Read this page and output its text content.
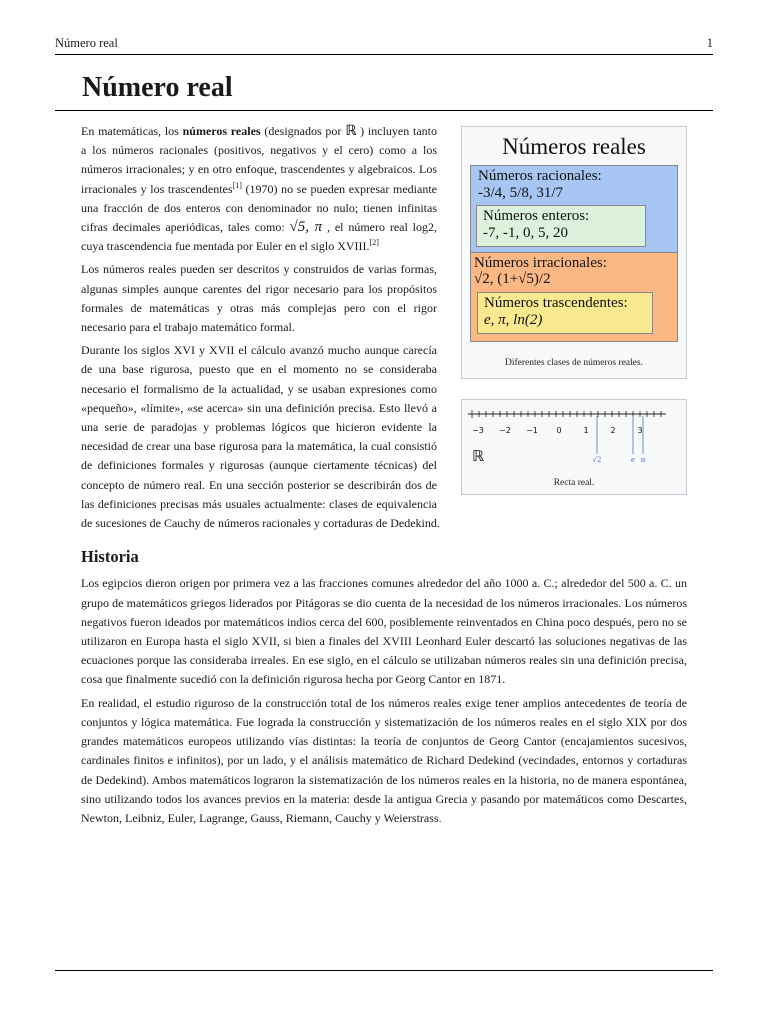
Número real	1
Número real
Números reales
Números racionales:
-3/4, 5/8, 31/7
Números enteros:
-7, -1, 0, 5, 20
Números irracionales:
√2, (1+√5)/2
Números trascendentes:
e, π, ln(2)
Diferentes clases de números reales.
−3 −2 −1 0	1	2	3
√2	e π
ℝ
Recta real.

En matemáticas, los números reales (designados por ℝ ) incluyen tanto a los números racionales (positivos, negativos y el cero) como a los números irracionales; y en otro enfoque, trascendentes y algebraicos. Los irracionales y los trascendentes[1] (1970) no se pueden expresar mediante una fracción de dos enteros con denominador no nulo; tienen infinitas cifras decimales aperiódicas, tales como: √5, π , el número real log2, cuya trascendencia fue mentada por Euler en el siglo XVIII.[2]

Los números reales pueden ser descritos y construidos de varias formas, algunas simples aunque carentes del rigor necesario para los propósitos formales de matemáticas y otras más complejas pero con el rigor necesario para el trabajo matemático formal.

Durante los siglos XVI y XVII el cálculo avanzó mucho aunque carecía de una base rigurosa, puesto que en el momento no se consideraba necesario el formalismo de la actualidad, y se usaban expresiones como «pequeño», «límite», «se acerca» sin una definición precisa. Esto llevó a una serie de paradojas y problemas lógicos que hicieron evidente la necesidad de crear una base rigurosa para la matemática, la cual consistió de definiciones formales y rigurosas (aunque ciertamente técnicas) del concepto de número real. En una sección posterior se describirán dos de las definiciones precisas más usuales actualmente: clases de equivalencia de sucesiones de Cauchy de números racionales y cortaduras de Dedekind.

Historia

Los egipcios dieron origen por primera vez a las fracciones comunes alrededor del año 1000 a. C.; alrededor del 500 a. C. un grupo de matemáticos griegos liderados por Pitágoras se dio cuenta de la necesidad de los números irracionales. Los números negativos fueron ideados por matemáticos indios cerca del 600, posiblemente reinventados en China poco después, pero no se utilizaron en Europa hasta el siglo XVII, si bien a finales del XVIII Leonhard Euler descartó las soluciones negativas de las ecuaciones porque las consideraba irreales. En ese siglo, en el cálculo se utilizaban números reales sin una definición precisa, cosa que finalmente sucedió con la definición rigurosa hecha por Georg Cantor en 1871.

En realidad, el estudio riguroso de la construcción total de los números reales exige tener amplios antecedentes de teoría de conjuntos y lógica matemática. Fue lograda la construcción y sistematización de los números reales en el siglo XIX por dos grandes matemáticos europeos utilizando vías distintas: la teoría de conjuntos de Georg Cantor (encajamientos sucesivos, cardinales finitos e infinitos), por un lado, y el análisis matemático de Richard Dedekind (vecindades, entornos y cortaduras de Dedekind). Ambos matemáticos lograron la sistematización de los números reales en la historia, no de manera espontánea, sino utilizando todos los avances previos en la materia: desde la antigua Grecia y pasando por matemáticos como Descartes, Newton, Leibniz, Euler, Lagrange, Gauss, Riemann, Cauchy y Weierstrass.
